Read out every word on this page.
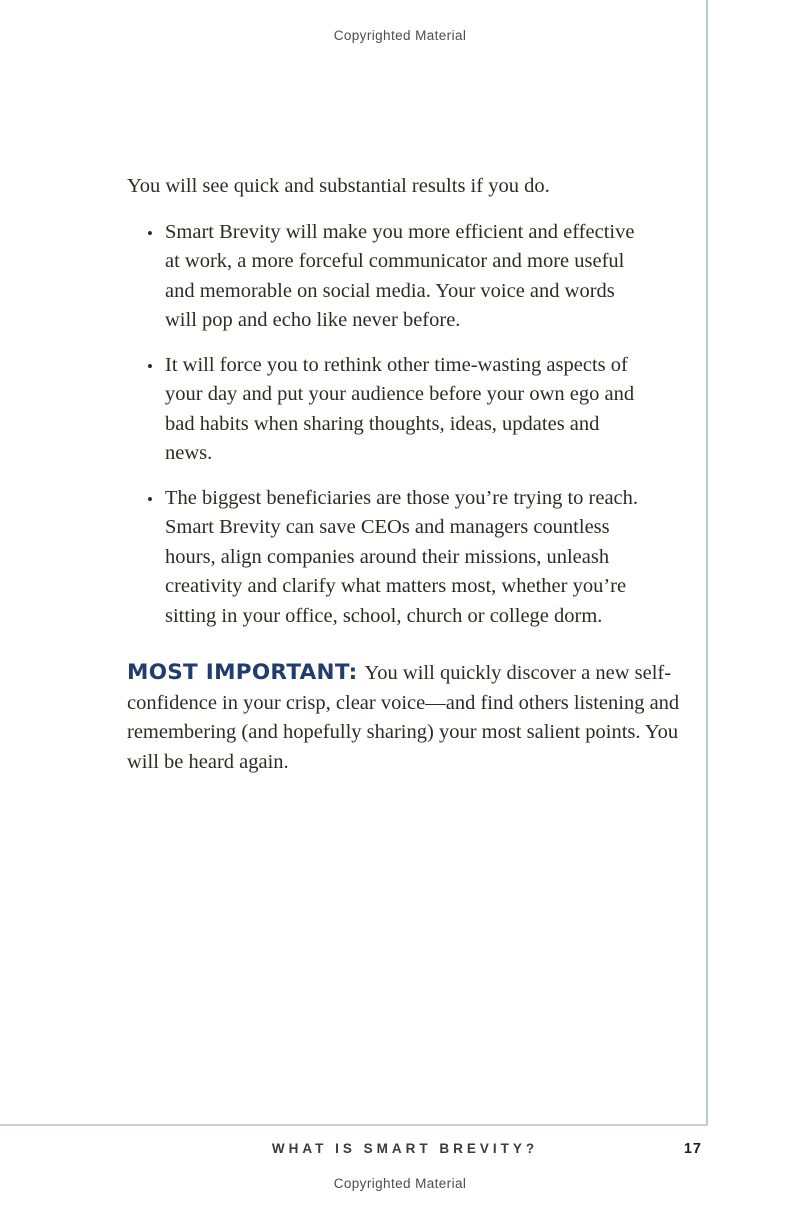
Copyrighted Material

You will see quick and substantial results if you do.

• Smart Brevity will make you more efficient and effective at work, a more forceful communicator and more useful and memorable on social media. Your voice and words will pop and echo like never before.
• It will force you to rethink other time-wasting aspects of your day and put your audience before your own ego and bad habits when sharing thoughts, ideas, updates and news.
• The biggest beneficiaries are those you’re trying to reach. Smart Brevity can save CEOs and managers countless hours, align companies around their missions, unleash creativity and clarify what matters most, whether you’re sitting in your office, school, church or college dorm.

MOST IMPORTANT: You will quickly discover a new self-confidence in your crisp, clear voice—and find others listening and remembering (and hopefully sharing) your most salient points. You will be heard again.

WHAT IS SMART BREVITY?	17
Copyrighted Material
